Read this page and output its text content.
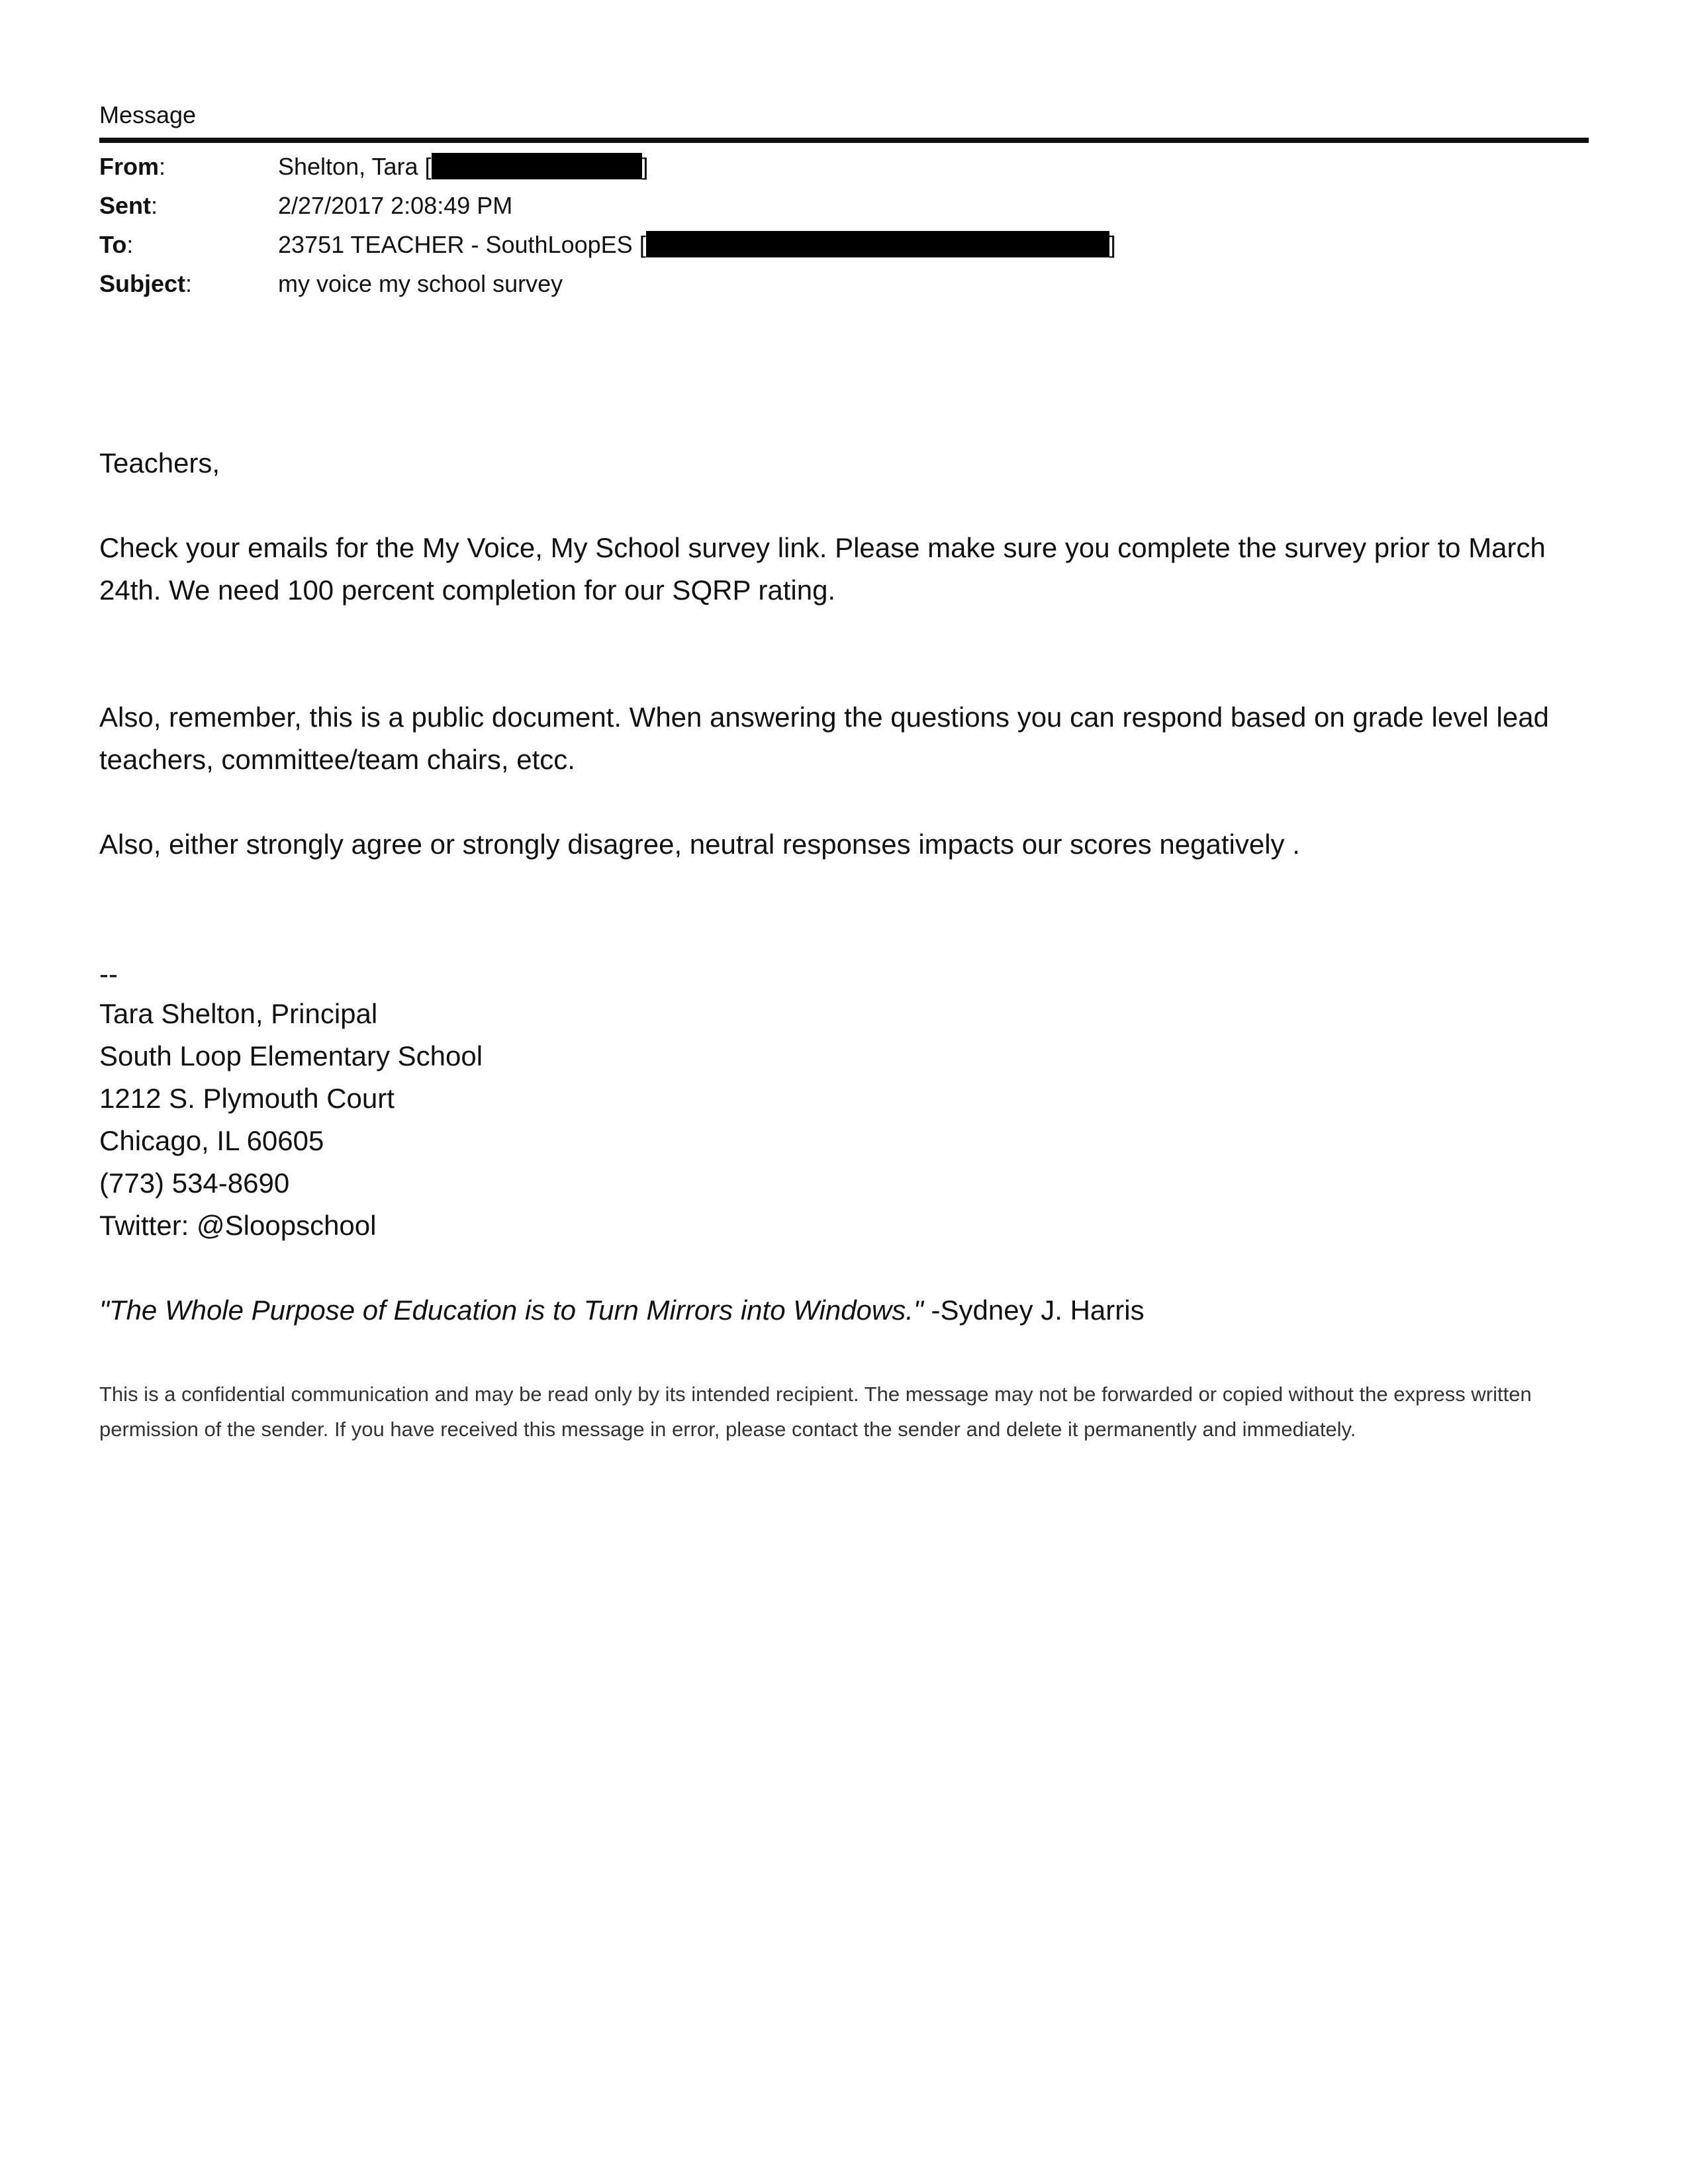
Message
From:	Shelton, Tara [	]
Sent:	2/27/2017 2:08:49 PM
To:	23751 TEACHER - SouthLoopES [	]
Subject:	my voice my school survey
Teachers,
Check your emails for the My Voice, My School survey link. Please make sure you complete the survey prior to March 24th. We need 100 percent completion for our SQRP rating.
Also, remember, this is a public document. When answering the questions you can respond based on grade level lead teachers, committee/team chairs, etcc.
Also, either strongly agree or strongly disagree, neutral responses impacts our scores negatively .
--
Tara Shelton, Principal
South Loop Elementary School
1212 S. Plymouth Court
Chicago, IL 60605
(773) 534-8690
Twitter: @Sloopschool
"The Whole Purpose of Education is to Turn Mirrors into Windows." -Sydney J. Harris
This is a confidential communication and may be read only by its intended recipient. The message may not be forwarded or copied without the express written permission of the sender. If you have received this message in error, please contact the sender and delete it permanently and immediately.
